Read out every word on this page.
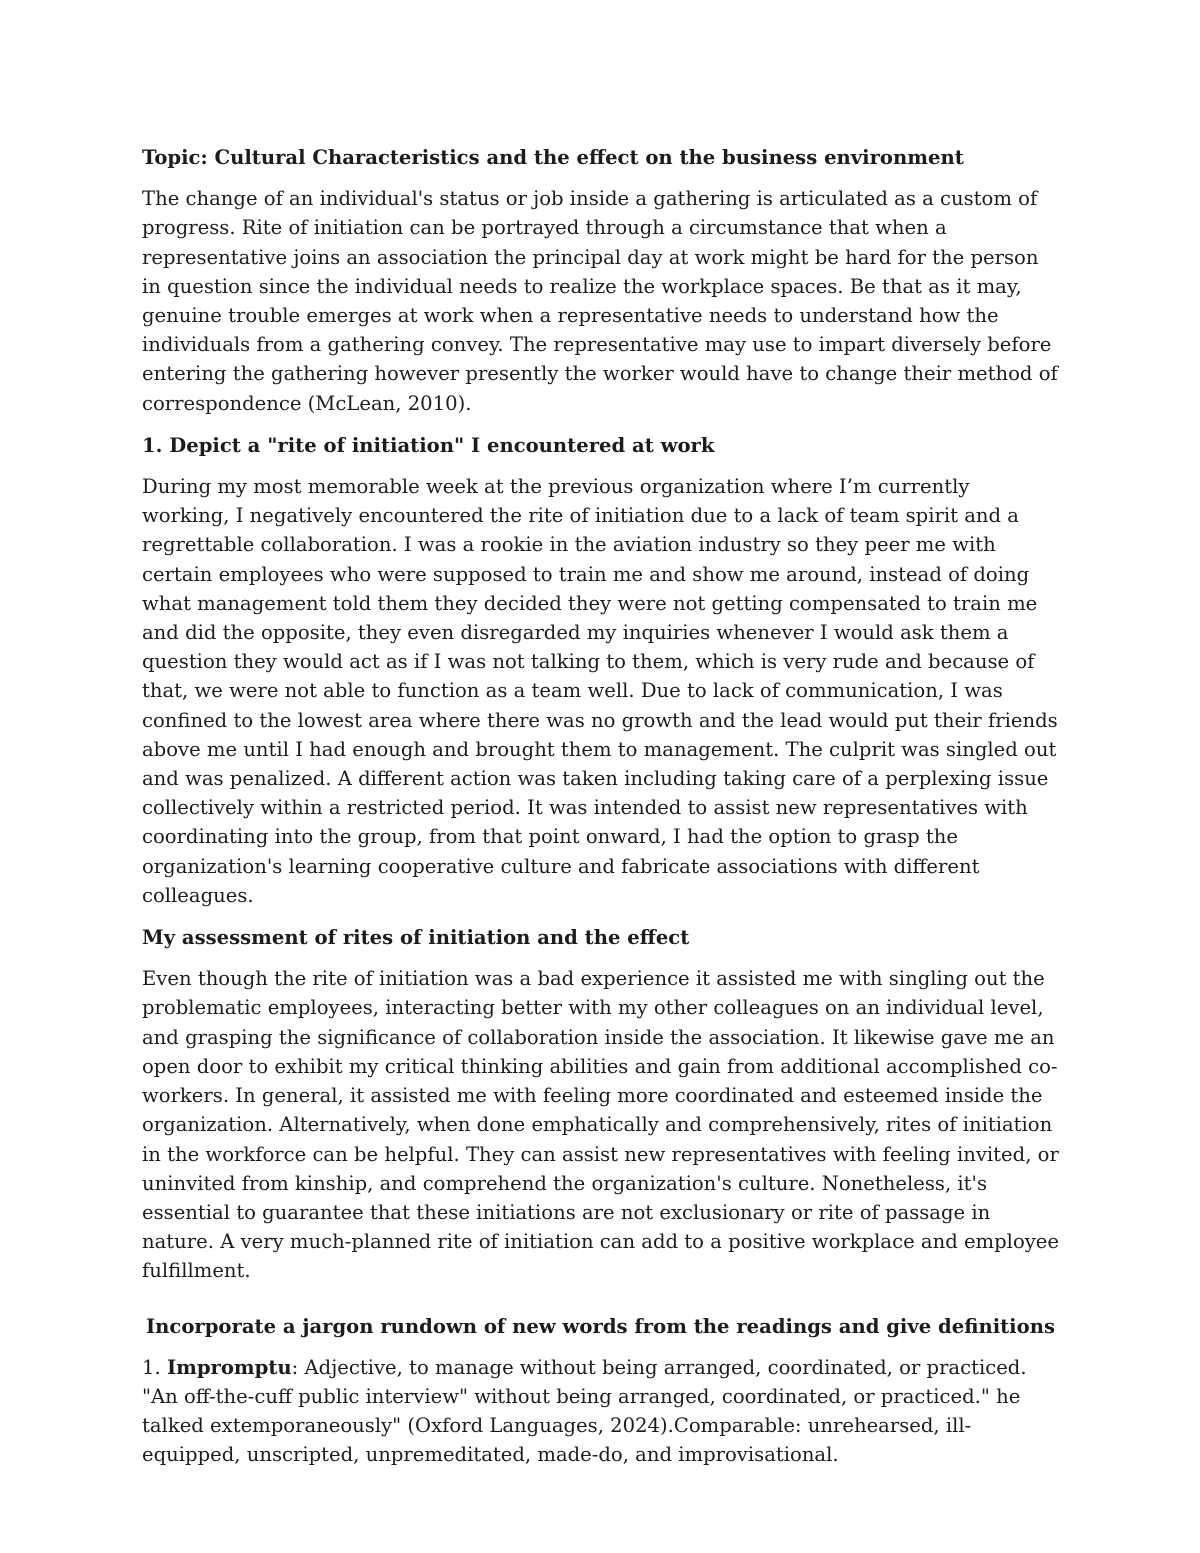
Topic: Cultural Characteristics and the effect on the business environment

The change of an individual's status or job inside a gathering is articulated as a custom of progress. Rite of initiation can be portrayed through a circumstance that when a representative joins an association the principal day at work might be hard for the person in question since the individual needs to realize the workplace spaces. Be that as it may, genuine trouble emerges at work when a representative needs to understand how the individuals from a gathering convey. The representative may use to impart diversely before entering the gathering however presently the worker would have to change their method of correspondence (McLean, 2010).

1. Depict a "rite of initiation" I encountered at work

During my most memorable week at the previous organization where I’m currently working, I negatively encountered the rite of initiation due to a lack of team spirit and a regrettable collaboration. I was a rookie in the aviation industry so they peer me with certain employees who were supposed to train me and show me around, instead of doing what management told them they decided they were not getting compensated to train me and did the opposite, they even disregarded my inquiries whenever I would ask them a question they would act as if I was not talking to them, which is very rude and because of that, we were not able to function as a team well. Due to lack of communication, I was confined to the lowest area where there was no growth and the lead would put their friends above me until I had enough and brought them to management. The culprit was singled out and was penalized. A different action was taken including taking care of a perplexing issue collectively within a restricted period. It was intended to assist new representatives with coordinating into the group, from that point onward, I had the option to grasp the organization's learning cooperative culture and fabricate associations with different colleagues.

My assessment of rites of initiation and the effect

Even though the rite of initiation was a bad experience it assisted me with singling out the problematic employees, interacting better with my other colleagues on an individual level, and grasping the significance of collaboration inside the association. It likewise gave me an open door to exhibit my critical thinking abilities and gain from additional accomplished co-workers. In general, it assisted me with feeling more coordinated and esteemed inside the organization. Alternatively, when done emphatically and comprehensively, rites of initiation in the workforce can be helpful. They can assist new representatives with feeling invited, or uninvited from kinship, and comprehend the organization's culture. Nonetheless, it's essential to guarantee that these initiations are not exclusionary or rite of passage in nature. A very much-planned rite of initiation can add to a positive workplace and employee fulfillment.

Incorporate a jargon rundown of new words from the readings and give definitions

1. Impromptu: Adjective, to manage without being arranged, coordinated, or practiced. "An off-the-cuff public interview" without being arranged, coordinated, or practiced." he talked extemporaneously" (Oxford Languages, 2024).Comparable: unrehearsed, ill-equipped, unscripted, unpremeditated, made-do, and improvisational.
